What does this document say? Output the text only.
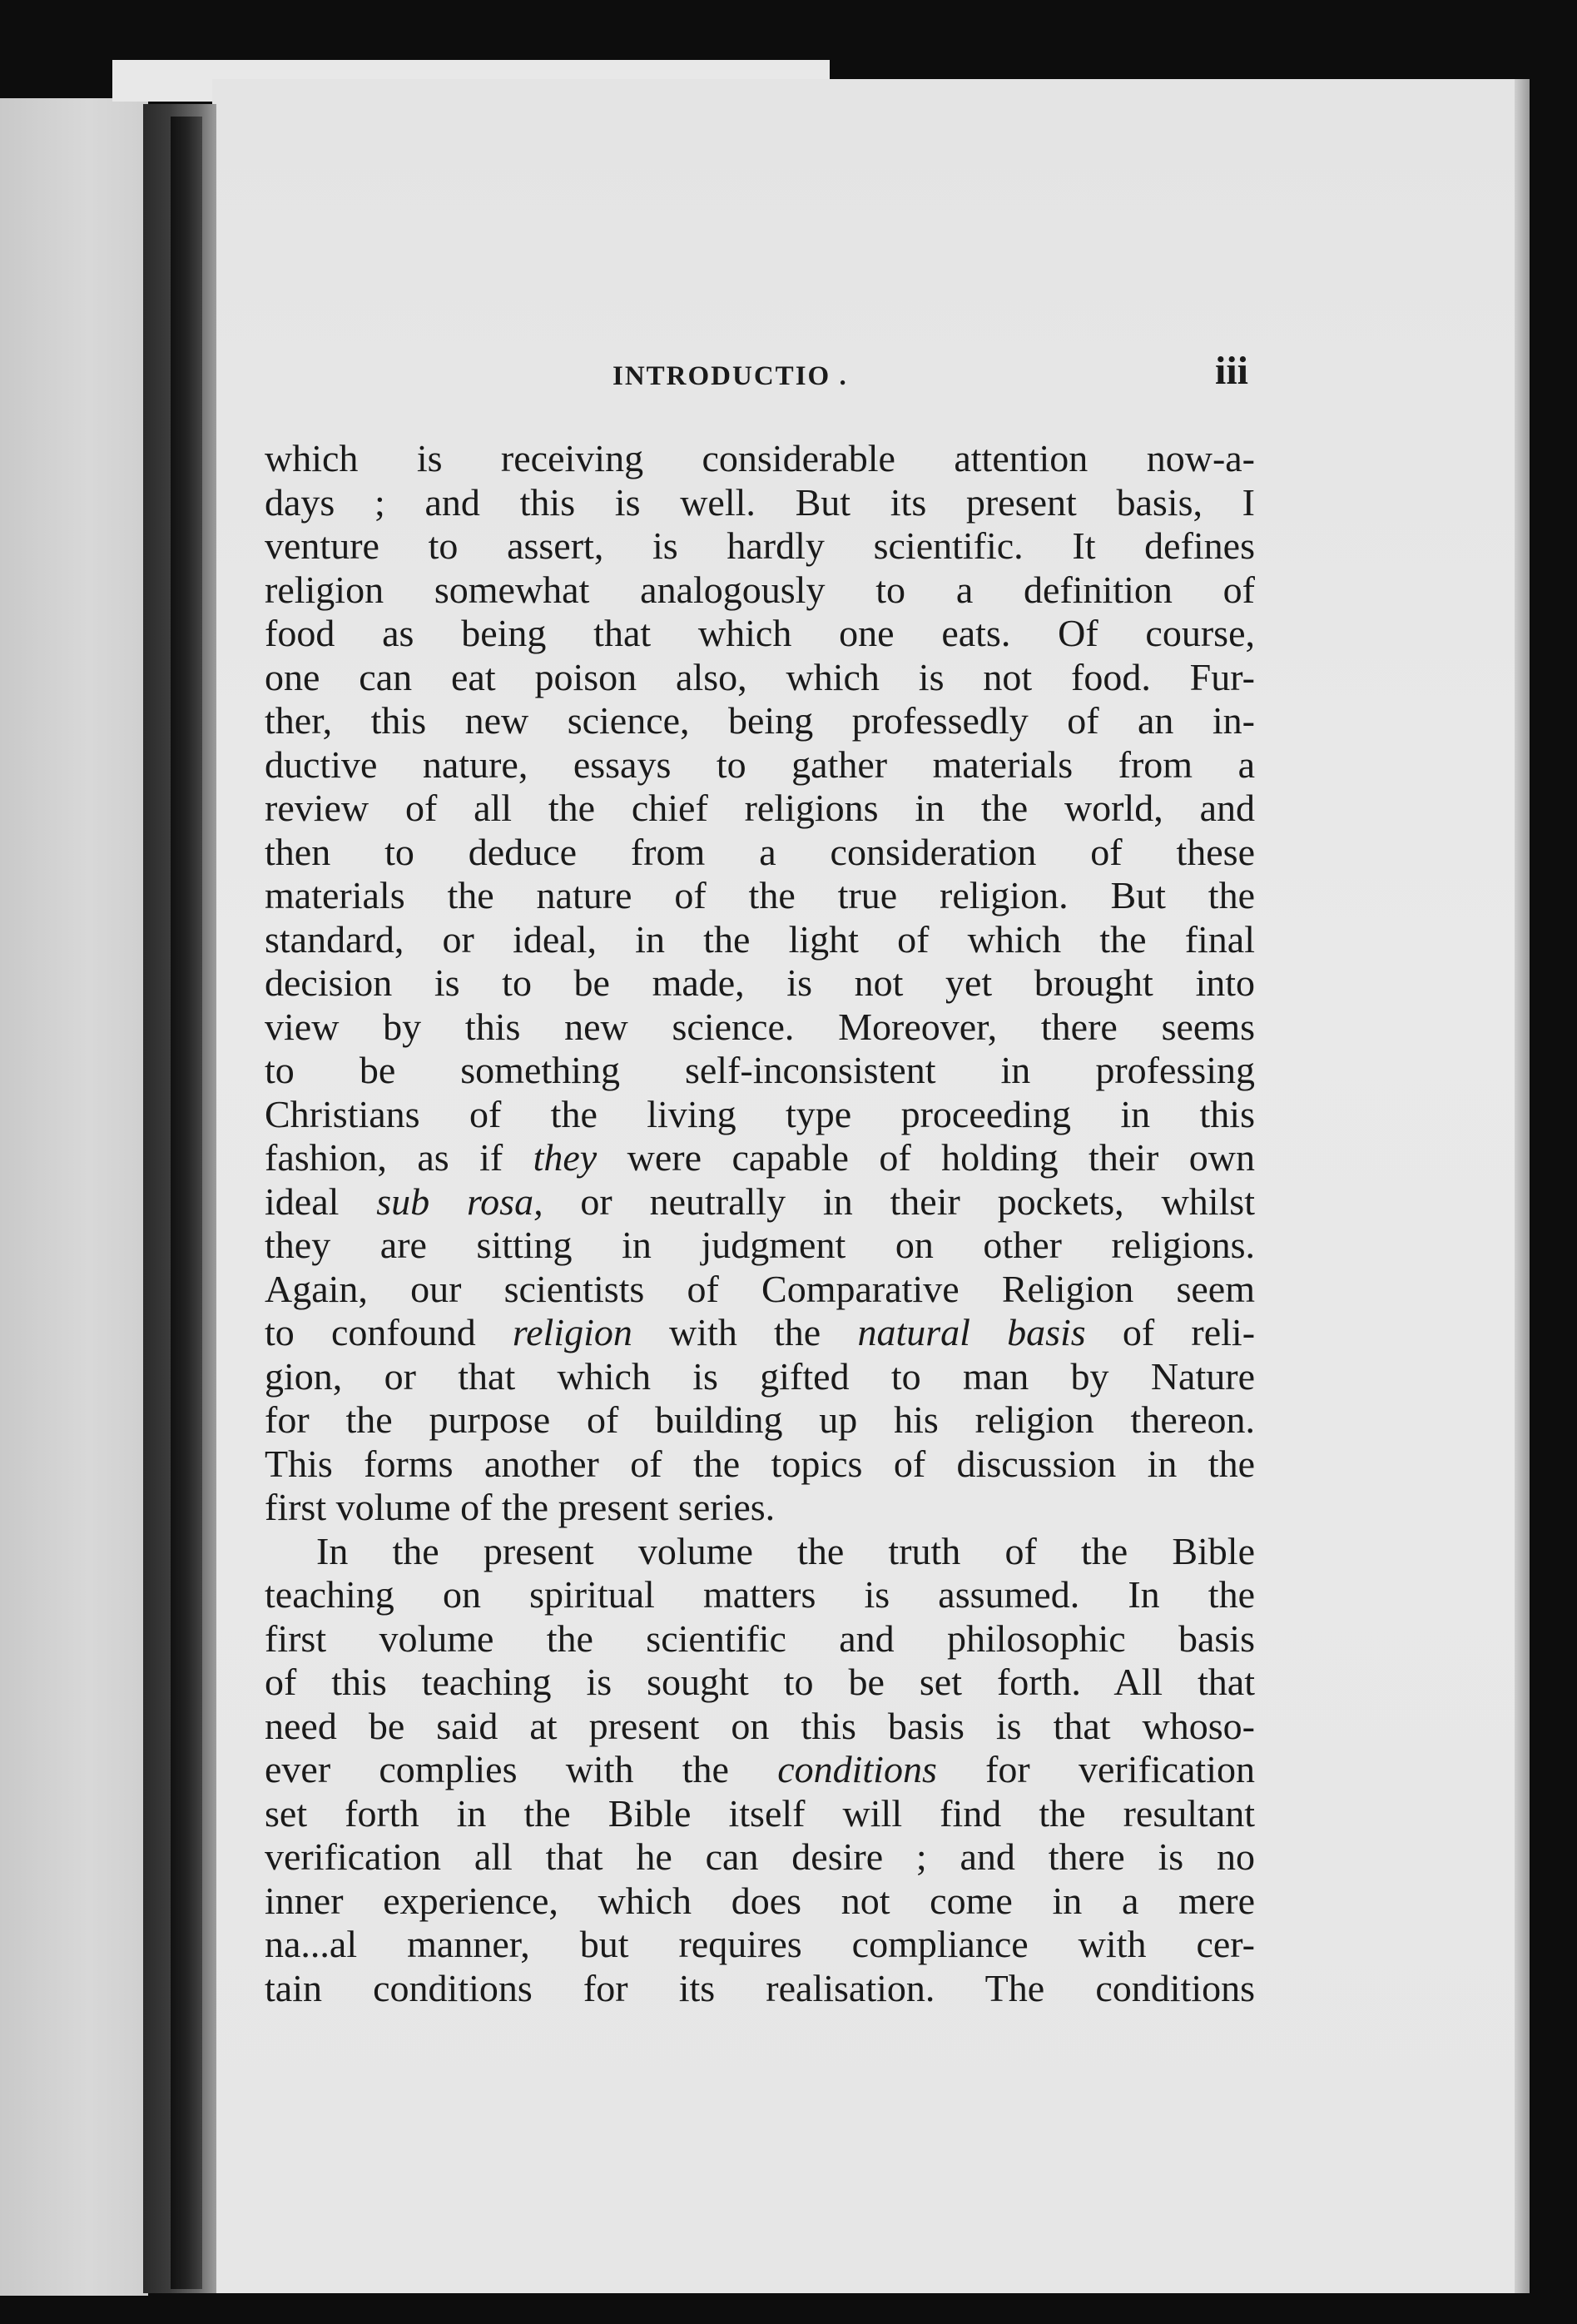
INTRODUCTIO .	iii
which is receiving considerable attention now-a-
days ; and this is well. But its present basis, I
venture to assert, is hardly scientific. It defines
religion somewhat analogously to a definition of
food as being that which one eats. Of course,
one can eat poison also, which is not food. Fur-
ther, this new science, being professedly of an in-
ductive nature, essays to gather materials from a
review of all the chief religions in the world, and
then to deduce from a consideration of these
materials the nature of the true religion. But the
standard, or ideal, in the light of which the final
decision is to be made, is not yet brought into
view by this new science. Moreover, there seems
to be something self-inconsistent in professing
Christians of the living type proceeding in this
fashion, as if they were capable of holding their own
ideal sub rosa, or neutrally in their pockets, whilst
they are sitting in judgment on other religions.
Again, our scientists of Comparative Religion seem
to confound religion with the natural basis of reli-
gion, or that which is gifted to man by Nature
for the purpose of building up his religion thereon.
This forms another of the topics of discussion in the
first volume of the present series.
In the present volume the truth of the Bible
teaching on spiritual matters is assumed. In the
first volume the scientific and philosophic basis
of this teaching is sought to be set forth. All that
need be said at present on this basis is that whoso-
ever complies with the conditions for verification
set forth in the Bible itself will find the resultant
verification all that he can desire ; and there is no
inner experience, which does not come in a mere
na...al manner, but requires compliance with cer-
tain conditions for its realisation. The conditions
